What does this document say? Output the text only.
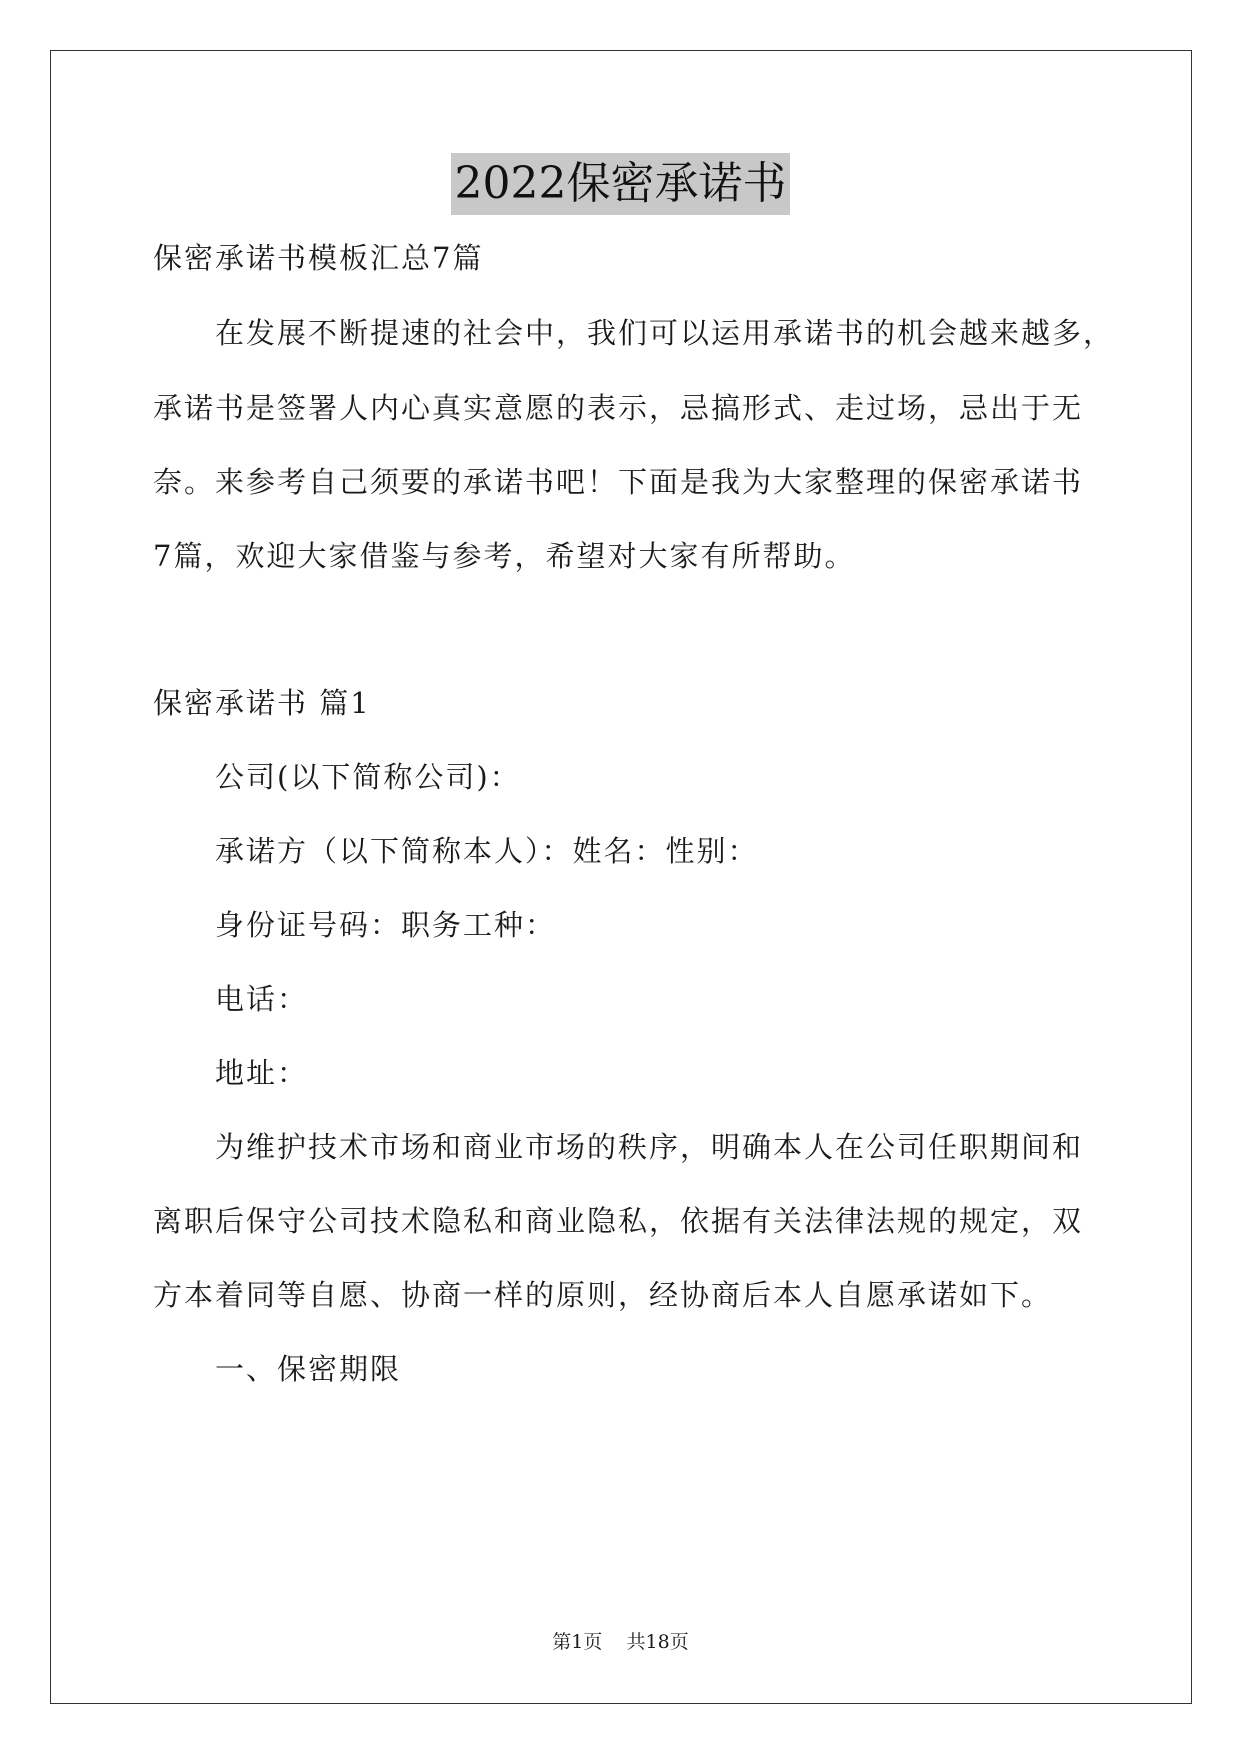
2022保密承诺书
保密承诺书模板汇总7篇
在发展不断提速的社会中，我们可以运用承诺书的机会越来越多，
承诺书是签署人内心真实意愿的表示，忌搞形式、走过场，忌出于无
奈。来参考自己须要的承诺书吧！下面是我为大家整理的保密承诺书
7篇，欢迎大家借鉴与参考，希望对大家有所帮助。
保密承诺书 篇1
公司(以下简称公司)：
承诺方（以下简称本人）：姓名：性别：
身份证号码：职务工种：
电话：
地址：
为维护技术市场和商业市场的秩序，明确本人在公司任职期间和
离职后保守公司技术隐私和商业隐私，依据有关法律法规的规定，双
方本着同等自愿、协商一样的原则，经协商后本人自愿承诺如下。
一、保密期限
第1页 共18页
